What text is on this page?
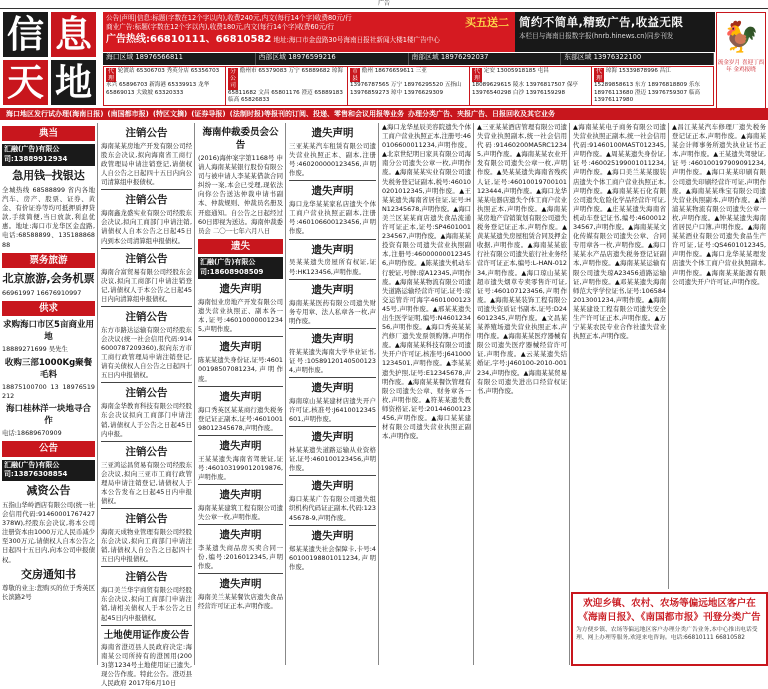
广告
信 息
天 地
公告|声明|信息:标题(字数在12个字以内),收费240元,内文(每行14个字)收费80元/行
商业广告:标题(字数在12个字以内),收费180元,内文(每行14个字)收费60元/行
广告热线:66810111、66810582 地址:海口市金盘路30号海南日报社新闻大楼1楼广告中心
买五送二 简约不简单,精致广告,收益无限
本栏目与海南日报数字报(hnrb.hinews.cn)同步刊发	🐓
流金岁月 喜迎丁酉年 金鸡报晓
海口区域 18976566811	西部区域 18976599216	南部区域 18976292037	东部区域 13976322100
代理 轮渡站 65306703 秀英分店 65356703 永兴 65896703 新海港 65339913 龙华 65869013 大致坡 63320333
分公司 儋州市 65379083 万宁 65889682 琼海 65811682 文昌 65801176 澄迈 65889183 临高 65826833
市县 儋州 18676659611 三亚 13976787565 万宁 18976295520 五指山 13976859273 琼中 13976629309
代理 定安 13005918185 屯昌 18089629615 陵水 13976817507 保亭 13976540298 白沙 13976159298
代理 琼海 15339878996 昌江 15289858613 东方 18976818809 乐东 18976113680 澄迈 13976759307 临高 13976117980
海口地区发行试办理(海南日报) (南国都市报) (特区文摘) (证券导报) (法制时报)等报刊的订阅、投递、零售和会议用报等业务 办理分类广告、夹报广告、日报回收及其它业务
典当
汇融(广告)有限公司:13889912934
急用钱─找银达
全城热线 68588899 省内各地汽车、房产、股票、证券、黄金、有价证券等均可抵押质押贷款,手续简便,当日放款,利息优惠。地址:海口市龙华区金盘路,电话:68588899、13518886888
票务旅游
北京旅游,会务机票
66961997 16676910997
供求
求购海口市区5亩商业用地
18889271699 吴先生
收购三部1000Kg聚餐毛料
18875100700 13 18976519212
海口桂林洋一块地寻合作
电话:18689670909
公告
汇融(广告)有限公司:13876308854
减资公告
五指山华岭酒店有限公司(统一社会信用代码:91460001767427378W),经股东会决议,将本公司注册资本由1000万元人民币减少至300万元,请债权人自本公告之日起四十五日内,向本公司申报债权。
交房通知书
尊敬的业主:您购买的位于秀英区长滨路2号
注销公告
海南某某房地产开发有限公司经股东会决议,拟向海南省工商行政管理局申请注销登记,请债权人自公告之日起四十五日内向公司清算组申报债权。
注销公告
海南鑫龙盛实业有限公司经股东会决议,拟向工商部门申请注销,请债权人自本公告之日起45日内到本公司清算组申报债权。
注销公告
海南合富贸易有限公司经股东会决议,拟向工商部门申请注销登记,请债权人于本公告之日起45日内向清算组申报债权。
注销公告
东方市路达运输有限公司经股东会决议(统一社会信用代码:9146000787209360),拟向东方市工商行政管理局申请注销登记,请有关债权人自公告之日起四十五日内申报债权。
注销公告
海南金华教育科技有限公司经股东会决议拟向工商部门申请注销,请债权人于公告之日起45日内申报。
注销公告
三亚鸿运昌贸易有限公司经股东会决议,拟向三亚市工商行政管理局申请注销登记,请债权人于本公告发布之日起45日内申报债权。
注销公告
海南天成物业管理有限公司经股东会决议,拟向工商部门申请注销,请债权人自公告之日起四十五日内申报债权。
注销公告
海口美兰华宇商贸有限公司经股东会决议,拟向工商部门申请注销,请相关债权人于本公告之日起45日内申报债权。
土地使用证作废公告
海南省澄迈县人民政府决定:海南某公司所持有的澄国用(2003)第1234号土地使用证已遗失,现公告作废。特此公告。澄迈县人民政府 2017年6月10日
海南仲裁委员会公告
(2016)海仲案字第1168号 申请人海南某某银行股份有限公司与被申请人李某某借款合同纠纷一案,本会已受理,现依法向你公告送达仲裁申请书副本、仲裁规则、仲裁员名册及开庭通知。自公告之日起经过60日即视为送达。海南仲裁委员会 二〇一七年六月八日
遗失
汇融(广告)有限公司:18608908509
遗失声明
海南恒业房地产开发有限公司遗失营业执照正、副本各一本,证号:460100000012345,声明作废。
遗失声明
陈某某遗失身份证,证号:460100198507081234,声明作废。
遗失声明
海口秀英区某某商行遗失税务登记证正副本,证号:460100198012345678,声明作废。
遗失声明
王某某遗失海南省驾驶证,证号:460103199012019876,声明作废。
遗失声明
海南某某建筑工程有限公司遗失公章一枚,声明作废。
遗失声明
李某遗失商品房买卖合同一份,编号:2016012345,声明作废。
遗失声明
海南美兰某某餐饮店遗失食品经营许可证正本,声明作废。
遗失声明
三亚某某汽车租赁有限公司遗失营业执照正本、副本,注册号:460200000123456,声明作废。
遗失声明
海口龙华某某家私店遗失个体工商户营业执照正副本,注册号:460106600123456,声明作废。
遗失声明
吴某某遗失房屋所有权证,证号:HK123456,声明作废。
遗失声明
海南某某医药有限公司遗失财务专用章、法人私章各一枚,声明作废。
遗失声明
符某某遗失海南大学毕业证书,证号:105891201405001234,声明作废。
遗失声明
海南琼山某某建材店遗失开户许可证,核准号:J6410012345601,声明作废。
遗失声明
林某某遗失道路运输从业资格证,证号:460100123456,声明作废。
遗失声明
海口某某广告有限公司遗失组织机构代码证正副本,代码:12345678-9,声明作废。
遗失声明
郑某某遗失社会保障卡,卡号:460100198801011234,声明作废。
▲海口龙华星辰美容院遗失个体工商户营业执照正本,注册号:460106600011234,声明作废。▲北京世纪明日家具有限公司海南分公司遗失公章一枚,声明作废。▲海南某某实业有限公司遗失税务登记证副本,税号:460100201012345,声明作废。▲王某某遗失海南省居住证,证号:HN12345678,声明作废。▲海口美兰区某某商店遗失食品流通许可证正本,证号:SP4601001234567,声明作废。▲海南某某投资有限公司遗失营业执照副本,注册号:460000000123456,声明作废。▲陈某遗失机动车行驶证,号牌:琼A12345,声明作废。▲海南某某物流有限公司遗失道路运输经营许可证,证号:琼交运管许可海字460100012345号,声明作废。▲邢某某遗失出生医学证明,编号:N460123456,声明作废。▲海口秀英某某汽修厂遗失发票领购簿,声明作废。▲海南某某科技有限公司遗失开户许可证,核准号:J6410001234501,声明作废。▲李某某遗失护照,证号:E12345678,声明作废。▲海南某某餐饮管理有限公司遗失公章、财务章各一枚,声明作废。▲符某某遗失教师资格证,证号:20144600123456,声明作废。▲海口某某建材有限公司遗失营业执照正副本,声明作废。
▲三亚某某酒店管理有限公司遗失营业执照副本,统一社会信用代码:91460200MA5RC12345,声明作废。▲海南某某农业开发有限公司遗失公章一枚,声明作废。▲吴某某遗失海南省残疾人证,证号:46010019700101123444,声明作废。▲海口龙华某某电器店遗失个体工商户营业执照正本,声明作废。▲海南某某房地产营销策划有限公司遗失税务登记证正本,声明作废。▲黄某某遗失房屋租赁合同及押金收据,声明作废。▲海南某某旅行社有限公司遗失旅行社业务经营许可证正本,编号:L-HAN-01234,声明作废。▲海口琼山某某超市遗失烟草专卖零售许可证,证号:460107123456,声明作废。▲海南某某装饰工程有限公司遗失资质证书副本,证号:D246012345,声明作废。▲文昌某某养殖场遗失营业执照正本,声明作废。▲海南某某医疗器械有限公司遗失医疗器械经营许可证,声明作废。▲云某某遗失结婚证,字号:J460100-2010-001234,声明作废。▲海南某某贸易有限公司遗失进出口经营权证书,声明作废。
▲海南某某电子商务有限公司遗失营业执照正副本,统一社会信用代码:91460100MA5T012345,声明作废。▲周某某遗失身份证,证号:460025199001011234,声明作废。▲海口美兰某某服装店遗失个体工商户营业执照正本,声明作废。▲海南某某石化有限公司遗失危险化学品经营许可证,声明作废。▲庄某某遗失海南省机动车登记证书,编号:460001234567,声明作废。▲海南某某文化传媒有限公司遗失公章、合同专用章各一枚,声明作废。▲海口某某水产品店遗失税务登记证副本,声明作废。▲海南某某运输有限公司遗失琼A23456道路运输证,声明作废。▲邓某某遗失海南师范大学学位证书,证号:1065842013001234,声明作废。▲海南某某建设工程有限公司遗失安全生产许可证正本,声明作废。▲万宁某某农民专业合作社遗失营业执照正本,声明作废。
▲昌江某某汽车修理厂遗失税务登记证正本,声明作废。▲海南某某会计师事务所遗失执业证书正本,声明作废。▲王某遗失驾驶证,证号:460100197909091234,声明作废。▲海口某某印刷有限公司遗失印刷经营许可证,声明作废。▲海南某某珠宝有限公司遗失营业执照副本,声明作废。▲洋浦某某物流有限公司遗失公章一枚,声明作废。▲钟某某遗失海南省居民户口簿,声明作废。▲海南某某酒业有限公司遗失食品生产许可证,证号:QS4601012345,声明作废。▲海口龙华某某理发店遗失个体工商户营业执照副本,声明作废。▲海南某某能源有限公司遗失开户许可证,声明作废。
欢迎乡镇、农村、农场等偏远地区客户在《海南日报》、《南国都市报》刊登分类广告
为方便乡镇、农场等偏远地区客户办理分类广告业务,本中心推出电话受理、网上办理等服务,欢迎来电咨询。电话:66810111 66810582
